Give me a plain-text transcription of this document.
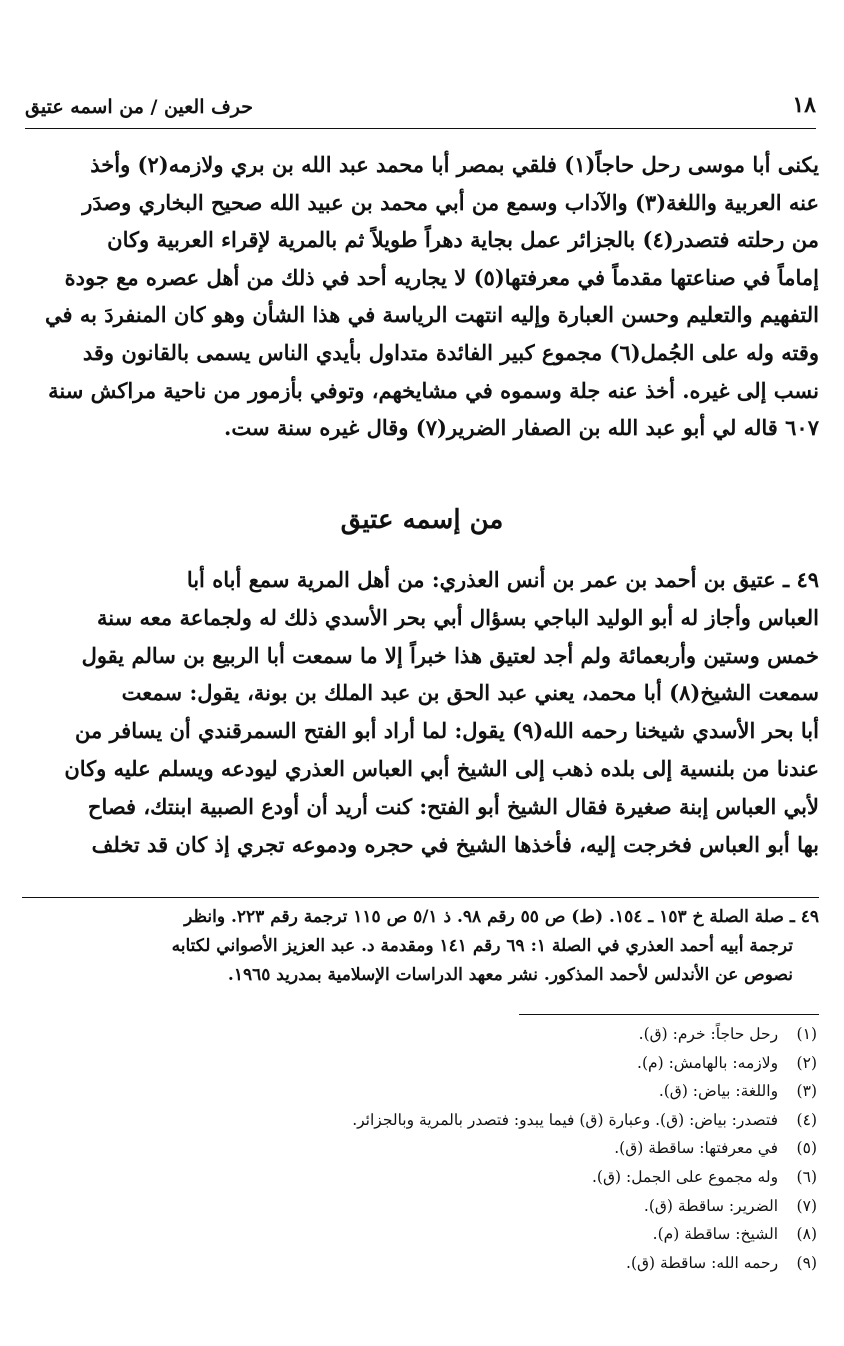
١٨
حرف العين / من اسمه عتيق
يكنى أبا موسى رحل حاجاً(١) فلقي بمصر أبا محمد عبد الله بن بري ولازمه(٢) وأخذ
عنه العربية واللغة(٣) والآداب وسمع من أبي محمد بن عبيد الله صحيح البخاري وصدَر
من رحلته فتصدر(٤) بالجزائر عمل بجاية دهراً طويلاً ثم بالمرية لإقراء العربية وكان
إماماً في صناعتها مقدماً في معرفتها(٥) لا يجاريه أحد في ذلك من أهل عصره مع جودة
التفهيم والتعليم وحسن العبارة وإليه انتهت الرياسة في هذا الشأن وهو كان المنفردَ به في
وقته وله على الجُمل(٦) مجموع كبير الفائدة متداول بأيدي الناس يسمى بالقانون وقد
نسب إلى غيره. أخذ عنه جلة وسموه في مشايخهم، وتوفي بأزمور من ناحية مراكش سنة
٦٠٧ قاله لي أبو عبد الله بن الصفار الضرير(٧) وقال غيره سنة ست.
من إسمه عتيق
٤٩ ـ عتيق بن أحمد بن عمر بن أنس العذري: من أهل المرية سمع أباه أبا
العباس وأجاز له أبو الوليد الباجي بسؤال أبي بحر الأسدي ذلك له ولجماعة معه سنة
خمس وستين وأربعمائة ولم أجد لعتيق هذا خبراً إلا ما سمعت أبا الربيع بن سالم يقول
سمعت الشيخ(٨) أبا محمد، يعني عبد الحق بن عبد الملك بن بونة، يقول: سمعت
أبا بحر الأسدي شيخنا رحمه الله(٩) يقول: لما أراد أبو الفتح السمرقندي أن يسافر من
عندنا من بلنسية إلى بلده ذهب إلى الشيخ أبي العباس العذري ليودعه ويسلم عليه وكان
لأبي العباس إبنة صغيرة فقال الشيخ أبو الفتح: كنت أريد أن أودع الصبية ابنتك، فصاح
بها أبو العباس فخرجت إليه، فأخذها الشيخ في حجره ودموعه تجري إذ كان قد تخلف
٤٩ ـ صلة الصلة خ ١٥٣ ـ ١٥٤. (ط) ص ٥٥ رقم ٩٨. ذ ٥/١ ص ١١٥ ترجمة رقم ٢٢٣. وانظر
ترجمة أبيه أحمد العذري في الصلة ١: ٦٩ رقم ١٤١ ومقدمة د. عبد العزيز الأصواني لكتابه
نصوص عن الأندلس لأحمد المذكور. نشر معهد الدراسات الإسلامية بمدريد ١٩٦٥.
(١) رحل حاجاً: خرم: (ق).
(٢) ولازمه: بالهامش: (م).
(٣) واللغة: بياض: (ق).
(٤) فتصدر: بياض: (ق). وعبارة (ق) فيما يبدو: فتصدر بالمرية وبالجزائر.
(٥) في معرفتها: ساقطة (ق).
(٦) وله مجموع على الجمل: (ق).
(٧) الضرير: ساقطة (ق).
(٨) الشيخ: ساقطة (م).
(٩) رحمه الله: ساقطة (ق).
